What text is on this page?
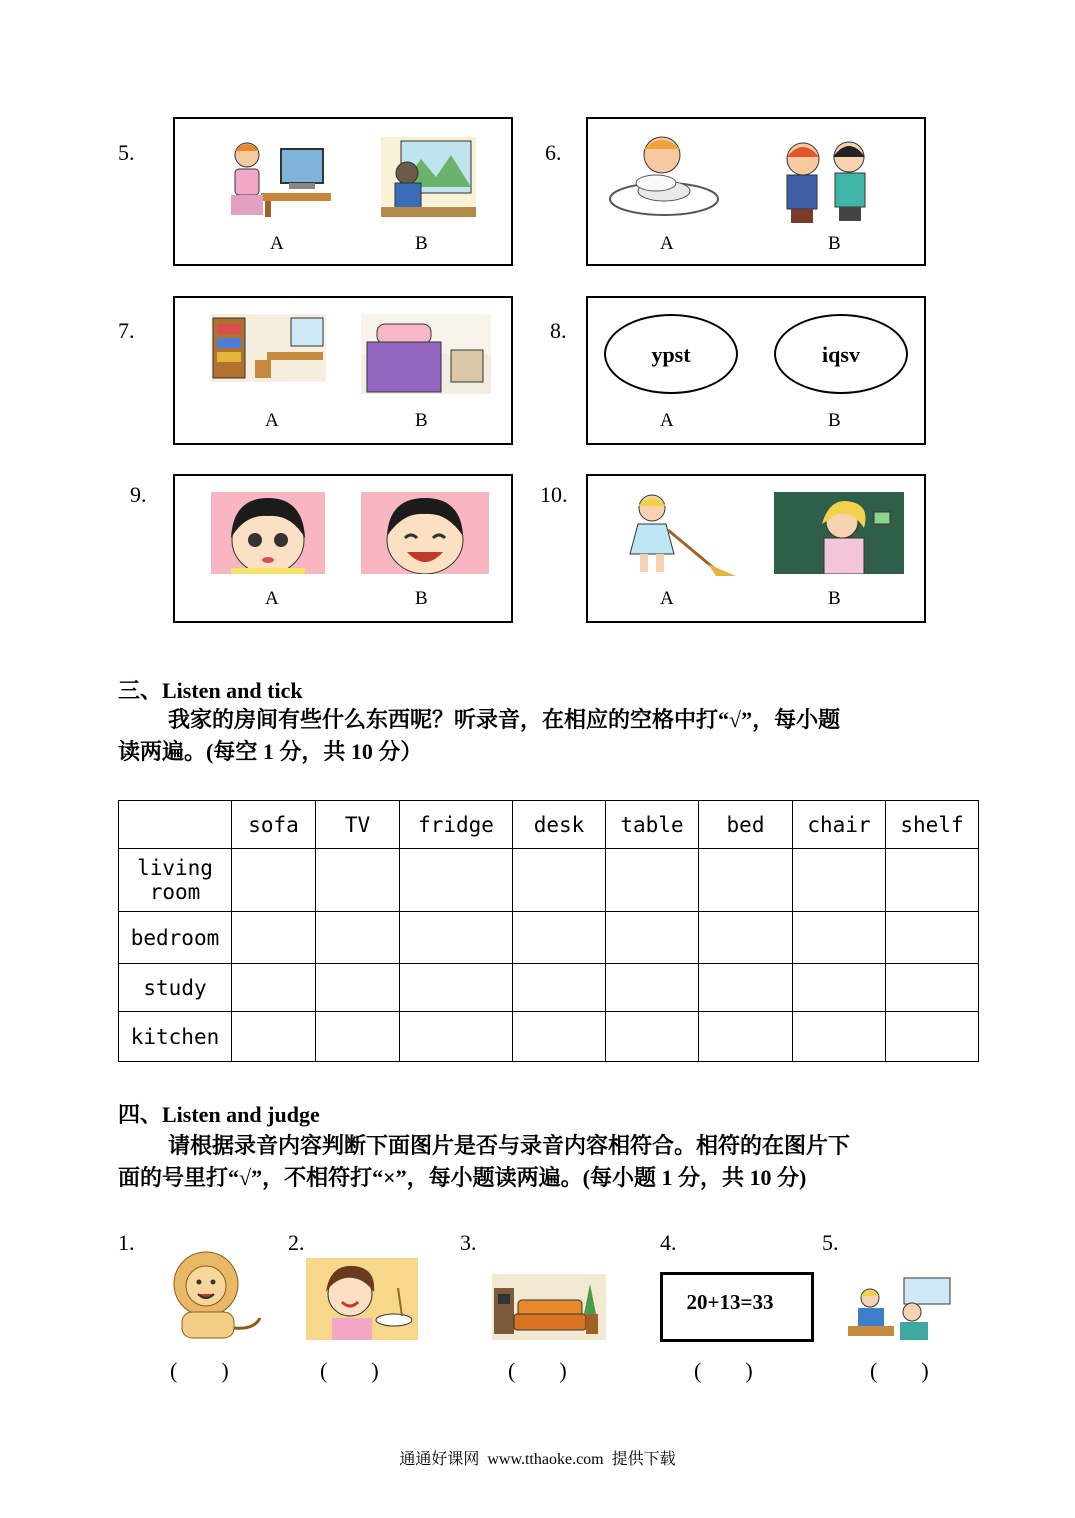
5.
A	B
6.
A	B
7.
A	B
8.
ypst	iqsv
A	B
9.
A	B
10.
A	B
三、Listen and tick
我家的房间有些什么东西呢？听录音，在相应的空格中打“√”，每小题
读两遍。(每空 1 分，共 10 分）
	sofa	TV	fridge	desk	table	bed	chair	shelf
living room								
bedroom								
study								
kitchen								
四、Listen and judge
请根据录音内容判断下面图片是否与录音内容相符合。相符的在图片下
面的号里打“√”，不相符打“×”，每小题读两遍。(每小题 1 分，共 10 分)
1.
(        )
2.
(        )
3.
(        )
4.
20+13=33
(        )
5.
(        )
通通好课网  www.tthaoke.com  提供下载
